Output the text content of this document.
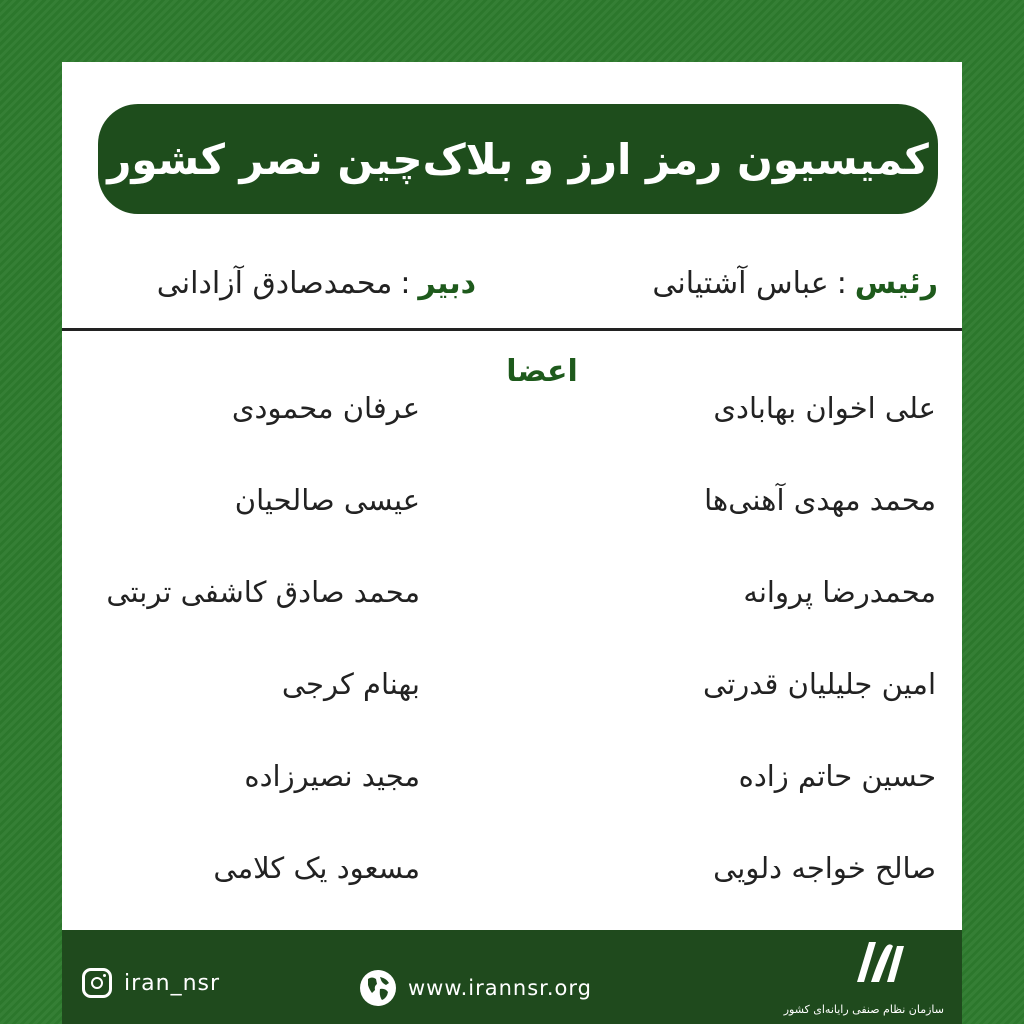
کمیسیون رمز ارز و بلاک‌چین نصر کشور
رئیس
:
عباس آشتیانی
دبیر
:
محمدصادق آزادانی
اعضا
علی اخوان بهابادی
محمد مهدی آهنی‌ها
محمدرضا پروانه
امین جلیلیان قدرتی
حسین حاتم زاده
صالح خواجه دلویی
عرفان محمودی
عیسی صالحیان
محمد صادق کاشفی تربتی
بهنام کرجی
مجید نصیرزاده
مسعود یک کلامی
iran_nsr	www.irannsr.org
سازمان نظام صنفی رایانه‌ای کشور
